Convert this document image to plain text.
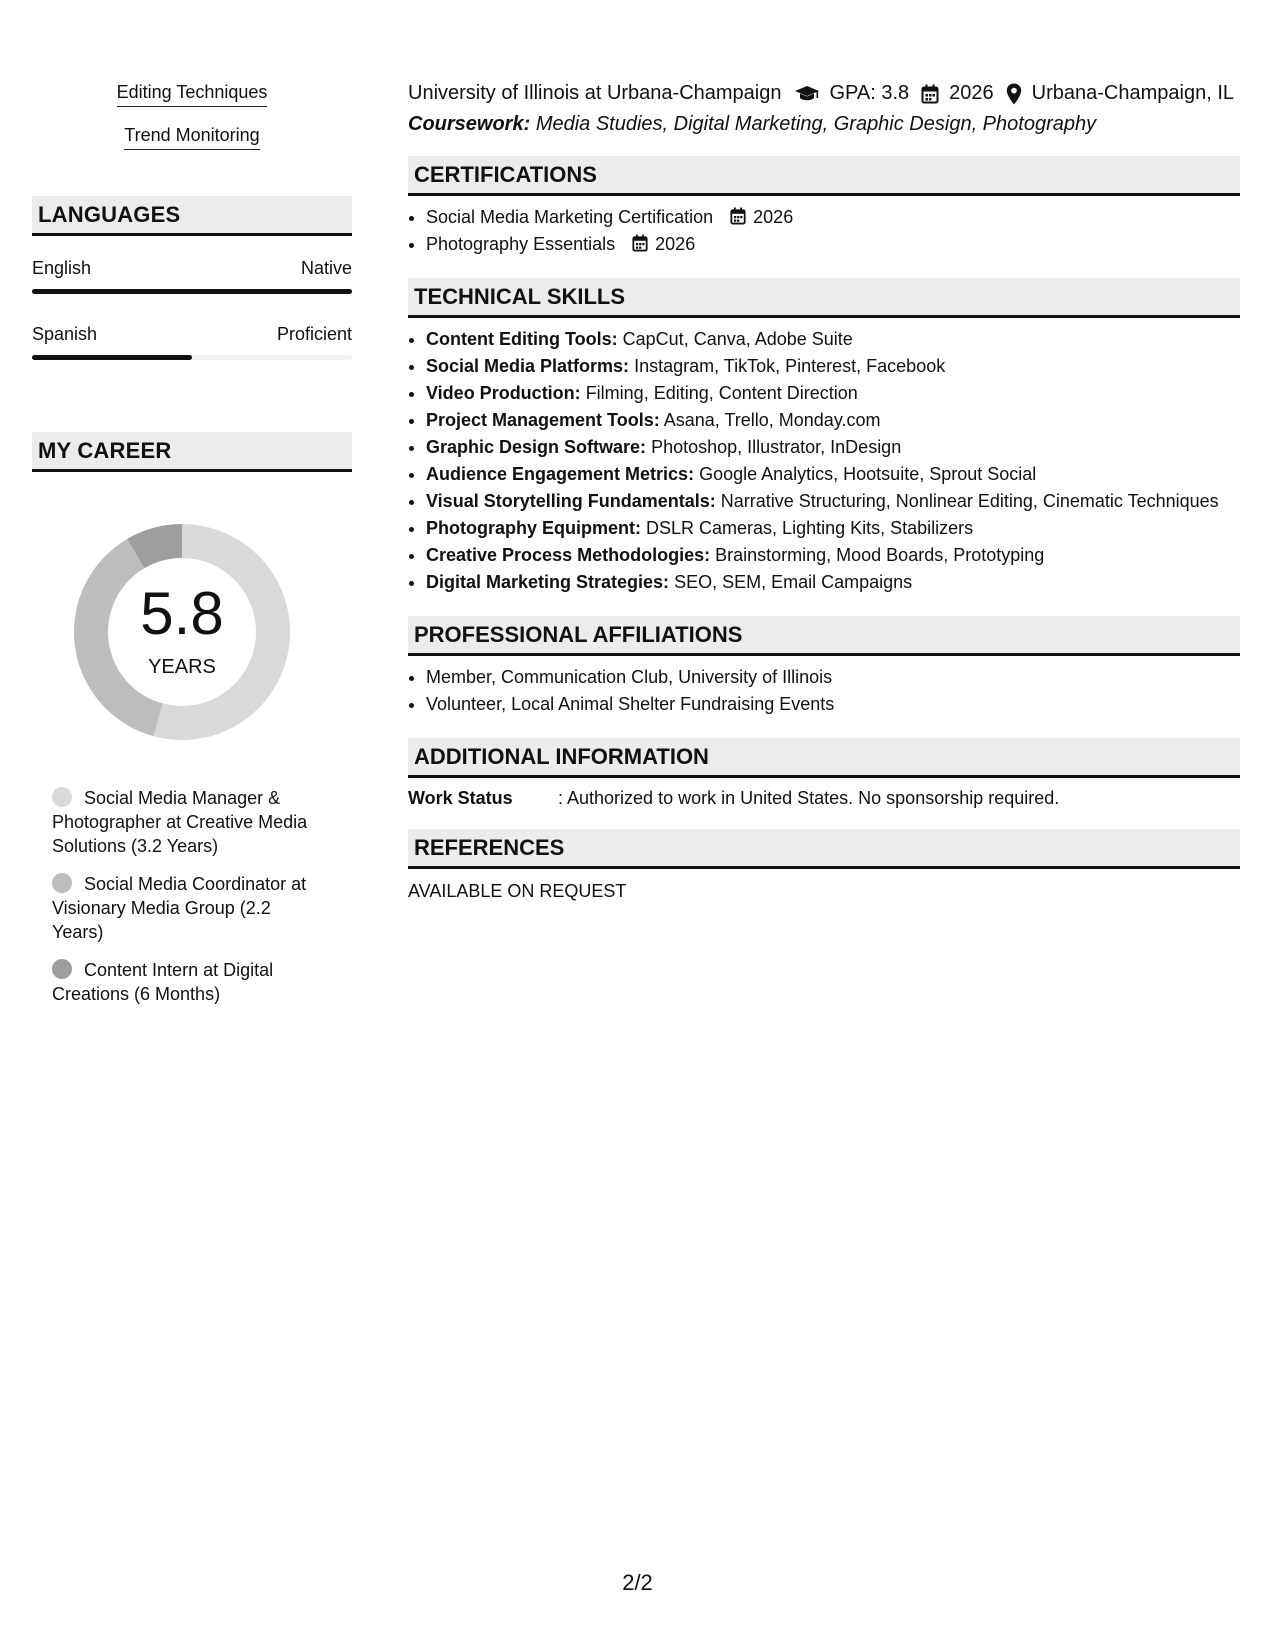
Editing Techniques
Trend Monitoring
LANGUAGES
English	Native
Spanish	Proficient
MY CAREER
5.8
YEARS
Social Media Manager & Photographer at Creative Media Solutions (3.2 Years)
Social Media Coordinator at Visionary Media Group (2.2 Years)
Content Intern at Digital Creations (6 Months)
University of Illinois at Urbana-Champaign GPA: 3.8 2026 Urbana-Champaign, IL
Coursework: Media Studies, Digital Marketing, Graphic Design, Photography
CERTIFICATIONS
• Social Media Marketing Certification 2026
• Photography Essentials 2026
TECHNICAL SKILLS
• Content Editing Tools: CapCut, Canva, Adobe Suite
• Social Media Platforms: Instagram, TikTok, Pinterest, Facebook
• Video Production: Filming, Editing, Content Direction
• Project Management Tools: Asana, Trello, Monday.com
• Graphic Design Software: Photoshop, Illustrator, InDesign
• Audience Engagement Metrics: Google Analytics, Hootsuite, Sprout Social
• Visual Storytelling Fundamentals: Narrative Structuring, Nonlinear Editing, Cinematic Techniques
• Photography Equipment: DSLR Cameras, Lighting Kits, Stabilizers
• Creative Process Methodologies: Brainstorming, Mood Boards, Prototyping
• Digital Marketing Strategies: SEO, SEM, Email Campaigns
PROFESSIONAL AFFILIATIONS
• Member, Communication Club, University of Illinois
• Volunteer, Local Animal Shelter Fundraising Events
ADDITIONAL INFORMATION
Work Status	: Authorized to work in United States. No sponsorship required.
REFERENCES
AVAILABLE ON REQUEST
2/2
